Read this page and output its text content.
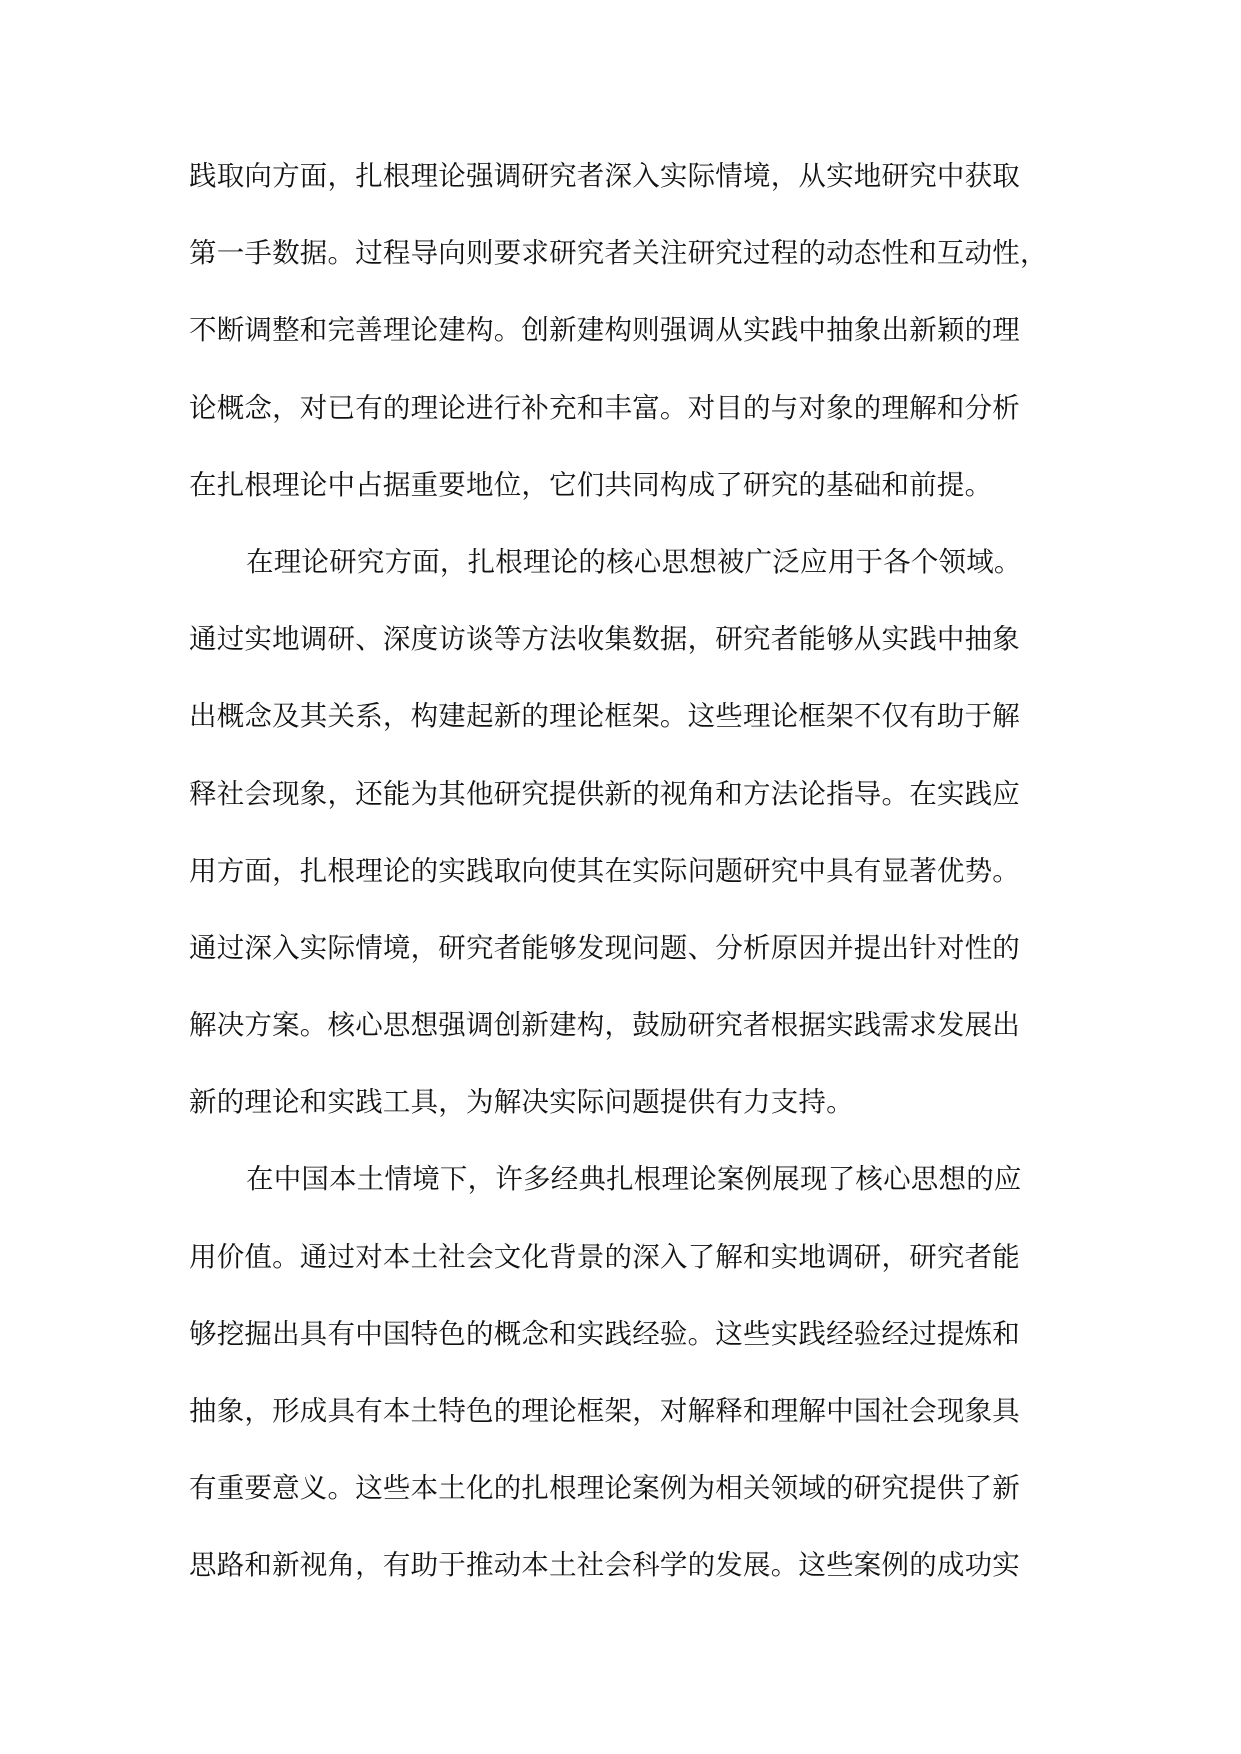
践取向方面，扎根理论强调研究者深入实际情境，从实地研究中获取
第一手数据。过程导向则要求研究者关注研究过程的动态性和互动性，
不断调整和完善理论建构。创新建构则强调从实践中抽象出新颖的理
论概念，对已有的理论进行补充和丰富。对目的与对象的理解和分析
在扎根理论中占据重要地位，它们共同构成了研究的基础和前提。
在理论研究方面，扎根理论的核心思想被广泛应用于各个领域。
通过实地调研、深度访谈等方法收集数据，研究者能够从实践中抽象
出概念及其关系，构建起新的理论框架。这些理论框架不仅有助于解
释社会现象，还能为其他研究提供新的视角和方法论指导。在实践应
用方面，扎根理论的实践取向使其在实际问题研究中具有显著优势。
通过深入实际情境，研究者能够发现问题、分析原因并提出针对性的
解决方案。核心思想强调创新建构，鼓励研究者根据实践需求发展出
新的理论和实践工具，为解决实际问题提供有力支持。
在中国本土情境下，许多经典扎根理论案例展现了核心思想的应
用价值。通过对本土社会文化背景的深入了解和实地调研，研究者能
够挖掘出具有中国特色的概念和实践经验。这些实践经验经过提炼和
抽象，形成具有本土特色的理论框架，对解释和理解中国社会现象具
有重要意义。这些本土化的扎根理论案例为相关领域的研究提供了新
思路和新视角，有助于推动本土社会科学的发展。这些案例的成功实
